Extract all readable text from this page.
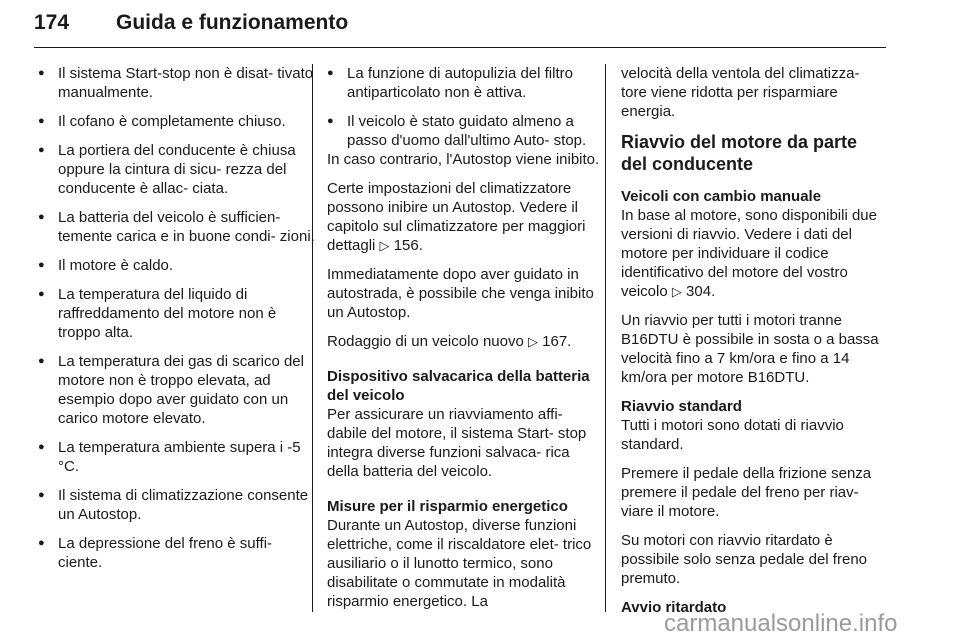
174 Guida e funzionamento
● Il sistema Start-stop non è disat- tivato manualmente.
● Il cofano è completamente chiuso.
● La portiera del conducente è chiusa oppure la cintura di sicu- rezza del conducente è allac- ciata.
● La batteria del veicolo è sufficien- temente carica e in buone condi- zioni.
● Il motore è caldo.
● La temperatura del liquido di raffreddamento del motore non è troppo alta.
● La temperatura dei gas di scarico del motore non è troppo elevata, ad esempio dopo aver guidato con un carico motore elevato.
● La temperatura ambiente supera i -5 °C.
● Il sistema di climatizzazione consente un Autostop.
● La depressione del freno è suffi- ciente.
● La funzione di autopulizia del filtro antiparticolato non è attiva.
● Il veicolo è stato guidato almeno a passo d'uomo dall'ultimo Auto- stop.

In caso contrario, l'Autostop viene inibito.

Certe impostazioni del climatizzatore possono inibire un Autostop. Vedere il capitolo sul climatizzatore per maggiori dettagli ▷ 156.

Immediatamente dopo aver guidato in autostrada, è possibile che venga inibito un Autostop.

Rodaggio di un veicolo nuovo ▷ 167.

Dispositivo salvacarica della batteria del veicolo

Per assicurare un riavviamento affi- dabile del motore, il sistema Start- stop integra diverse funzioni salvaca- rica della batteria del veicolo.

Misure per il risparmio energetico

Durante un Autostop, diverse funzioni elettriche, come il riscaldatore elet- trico ausiliario o il lunotto termico, sono disabilitate o commutate in modalità risparmio energetico. La

velocità della ventola del climatizza- tore viene ridotta per risparmiare energia.

Riavvio del motore da parte del conducente
Veicoli con cambio manuale

In base al motore, sono disponibili due versioni di riavvio. Vedere i dati del motore per individuare il codice identificativo del motore del vostro veicolo ▷ 304.

Un riavvio per tutti i motori tranne B16DTU è possibile in sosta o a bassa velocità fino a 7 km/ora e fino a 14 km/ora per motore B16DTU.

Riavvio standard

Tutti i motori sono dotati di riavvio standard.

Premere il pedale della frizione senza premere il pedale del freno per riav- viare il motore.

Su motori con riavvio ritardato è possibile solo senza pedale del freno premuto.

Avvio ritardato
carmanualsonline.info
